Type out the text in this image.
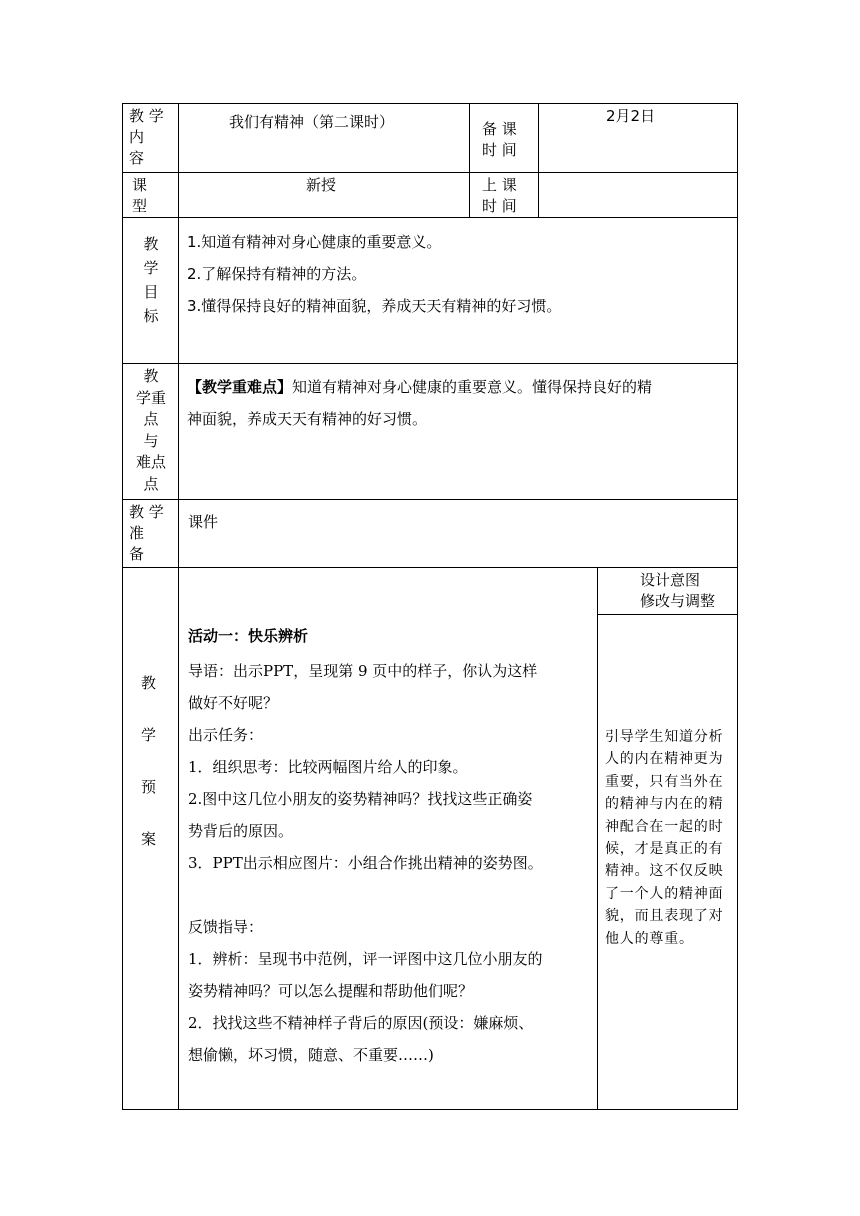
教 学
内
容
我们有精神（第二课时）	备 课
时 间
2月2日
课
型
新授	上 课
时 间
教
学
目
标
1.知道有精神对身心健康的重要意义。
2.了解保持有精神的方法。
3.懂得保持良好的精神面貌，养成天天有精神的好习惯。
教
学重
点
与
难点
点
【教学重难点】知道有精神对身心健康的重要意义。懂得保持良好的精
神面貌，养成天天有精神的好习惯。
教 学
准
备
课件
教
学
预
案
设计意图
修改与调整
活动一：快乐辨析
导语：出示PPT，呈现第 9 页中的样子，你认为这样
做好不好呢？
出示任务：
1．组织思考：比较两幅图片给人的印象。
2.图中这几位小朋友的姿势精神吗？找找这些正确姿
势背后的原因。
3．PPT出示相应图片：小组合作挑出精神的姿势图。
反馈指导：
1．辨析：呈现书中范例，评一评图中这几位小朋友的
姿势精神吗？可以怎么提醒和帮助他们呢？
2．找找这些不精神样子背后的原因(预设：嫌麻烦、
想偷懒，坏习惯，随意、不重要……)
引导学生知道分析人的内在精神更为重要，只有当外在的精神与内在的精神配合在一起的时候，才是真正的有精神。这不仅反映了一个人的精神面貌，而且表现了对他人的尊重。
